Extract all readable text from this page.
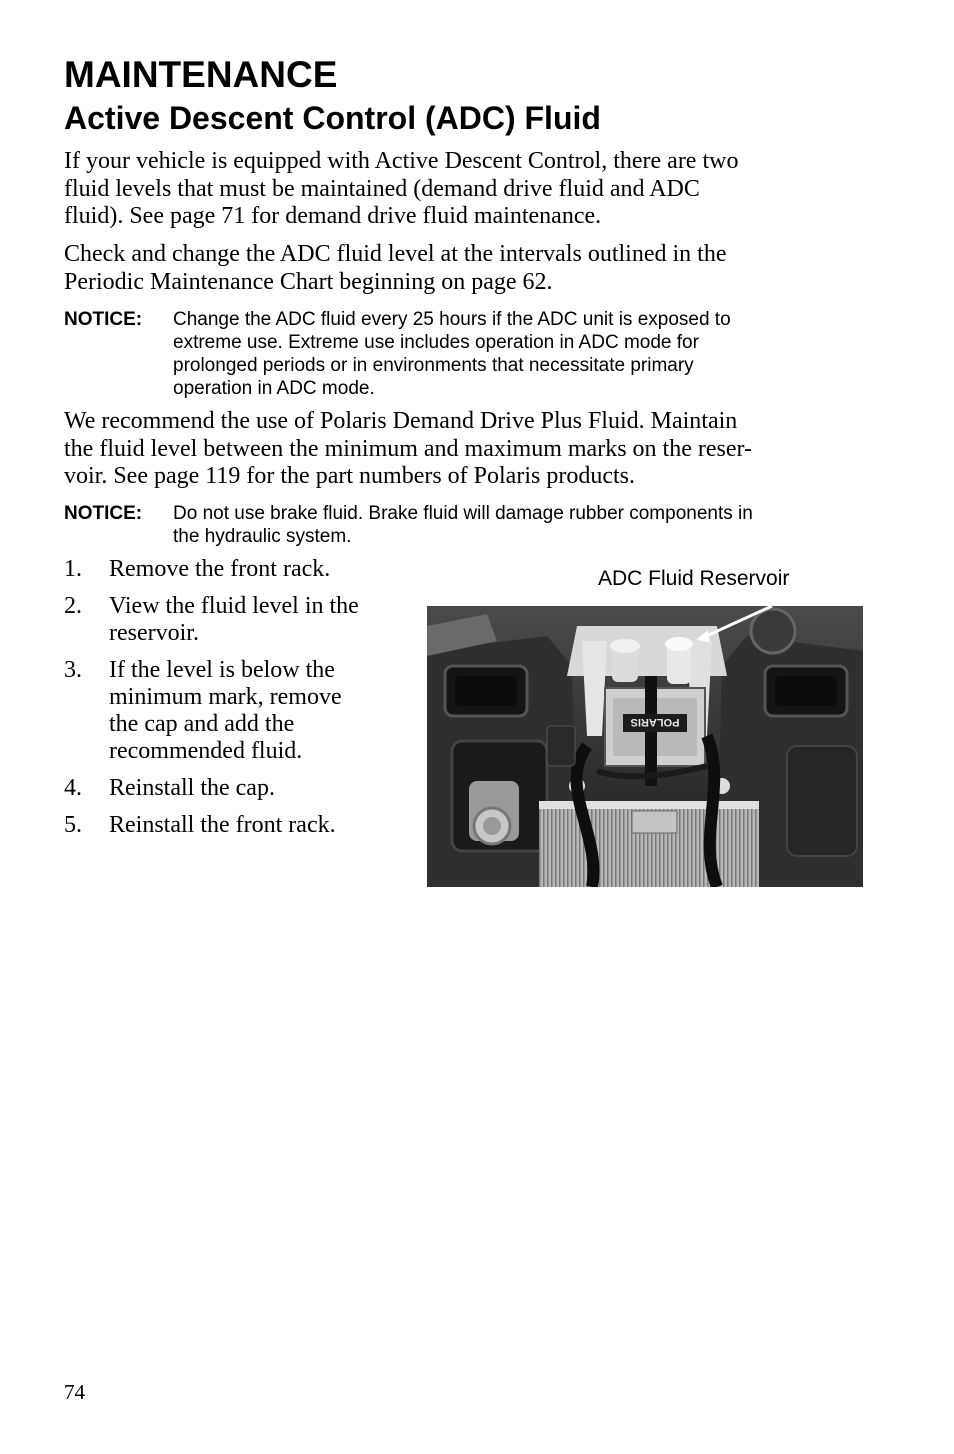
MAINTENANCE
Active Descent Control (ADC) Fluid

If your vehicle is equipped with Active Descent Control, there are two
fluid levels that must be maintained (demand drive fluid and ADC
fluid). See page 71 for demand drive fluid maintenance.

Check and change the ADC fluid level at the intervals outlined in the
Periodic Maintenance Chart beginning on page 62.

NOTICE: Change the ADC fluid every 25 hours if the ADC unit is exposed to
extreme use. Extreme use includes operation in ADC mode for
prolonged periods or in environments that necessitate primary
operation in ADC mode.

We recommend the use of Polaris Demand Drive Plus Fluid. Maintain
the fluid level between the minimum and maximum marks on the reser-
voir. See page 119 for the part numbers of Polaris products.

NOTICE: Do not use brake fluid. Brake fluid will damage rubber components in
the hydraulic system.
1. Remove the front rack.
2. View the fluid level in the
reservoir.
3. If the level is below the
minimum mark, remove
the cap and add the
recommended fluid.
4. Reinstall the cap.
5. Reinstall the front rack.
ADC Fluid Reservoir
POLARIS
74
